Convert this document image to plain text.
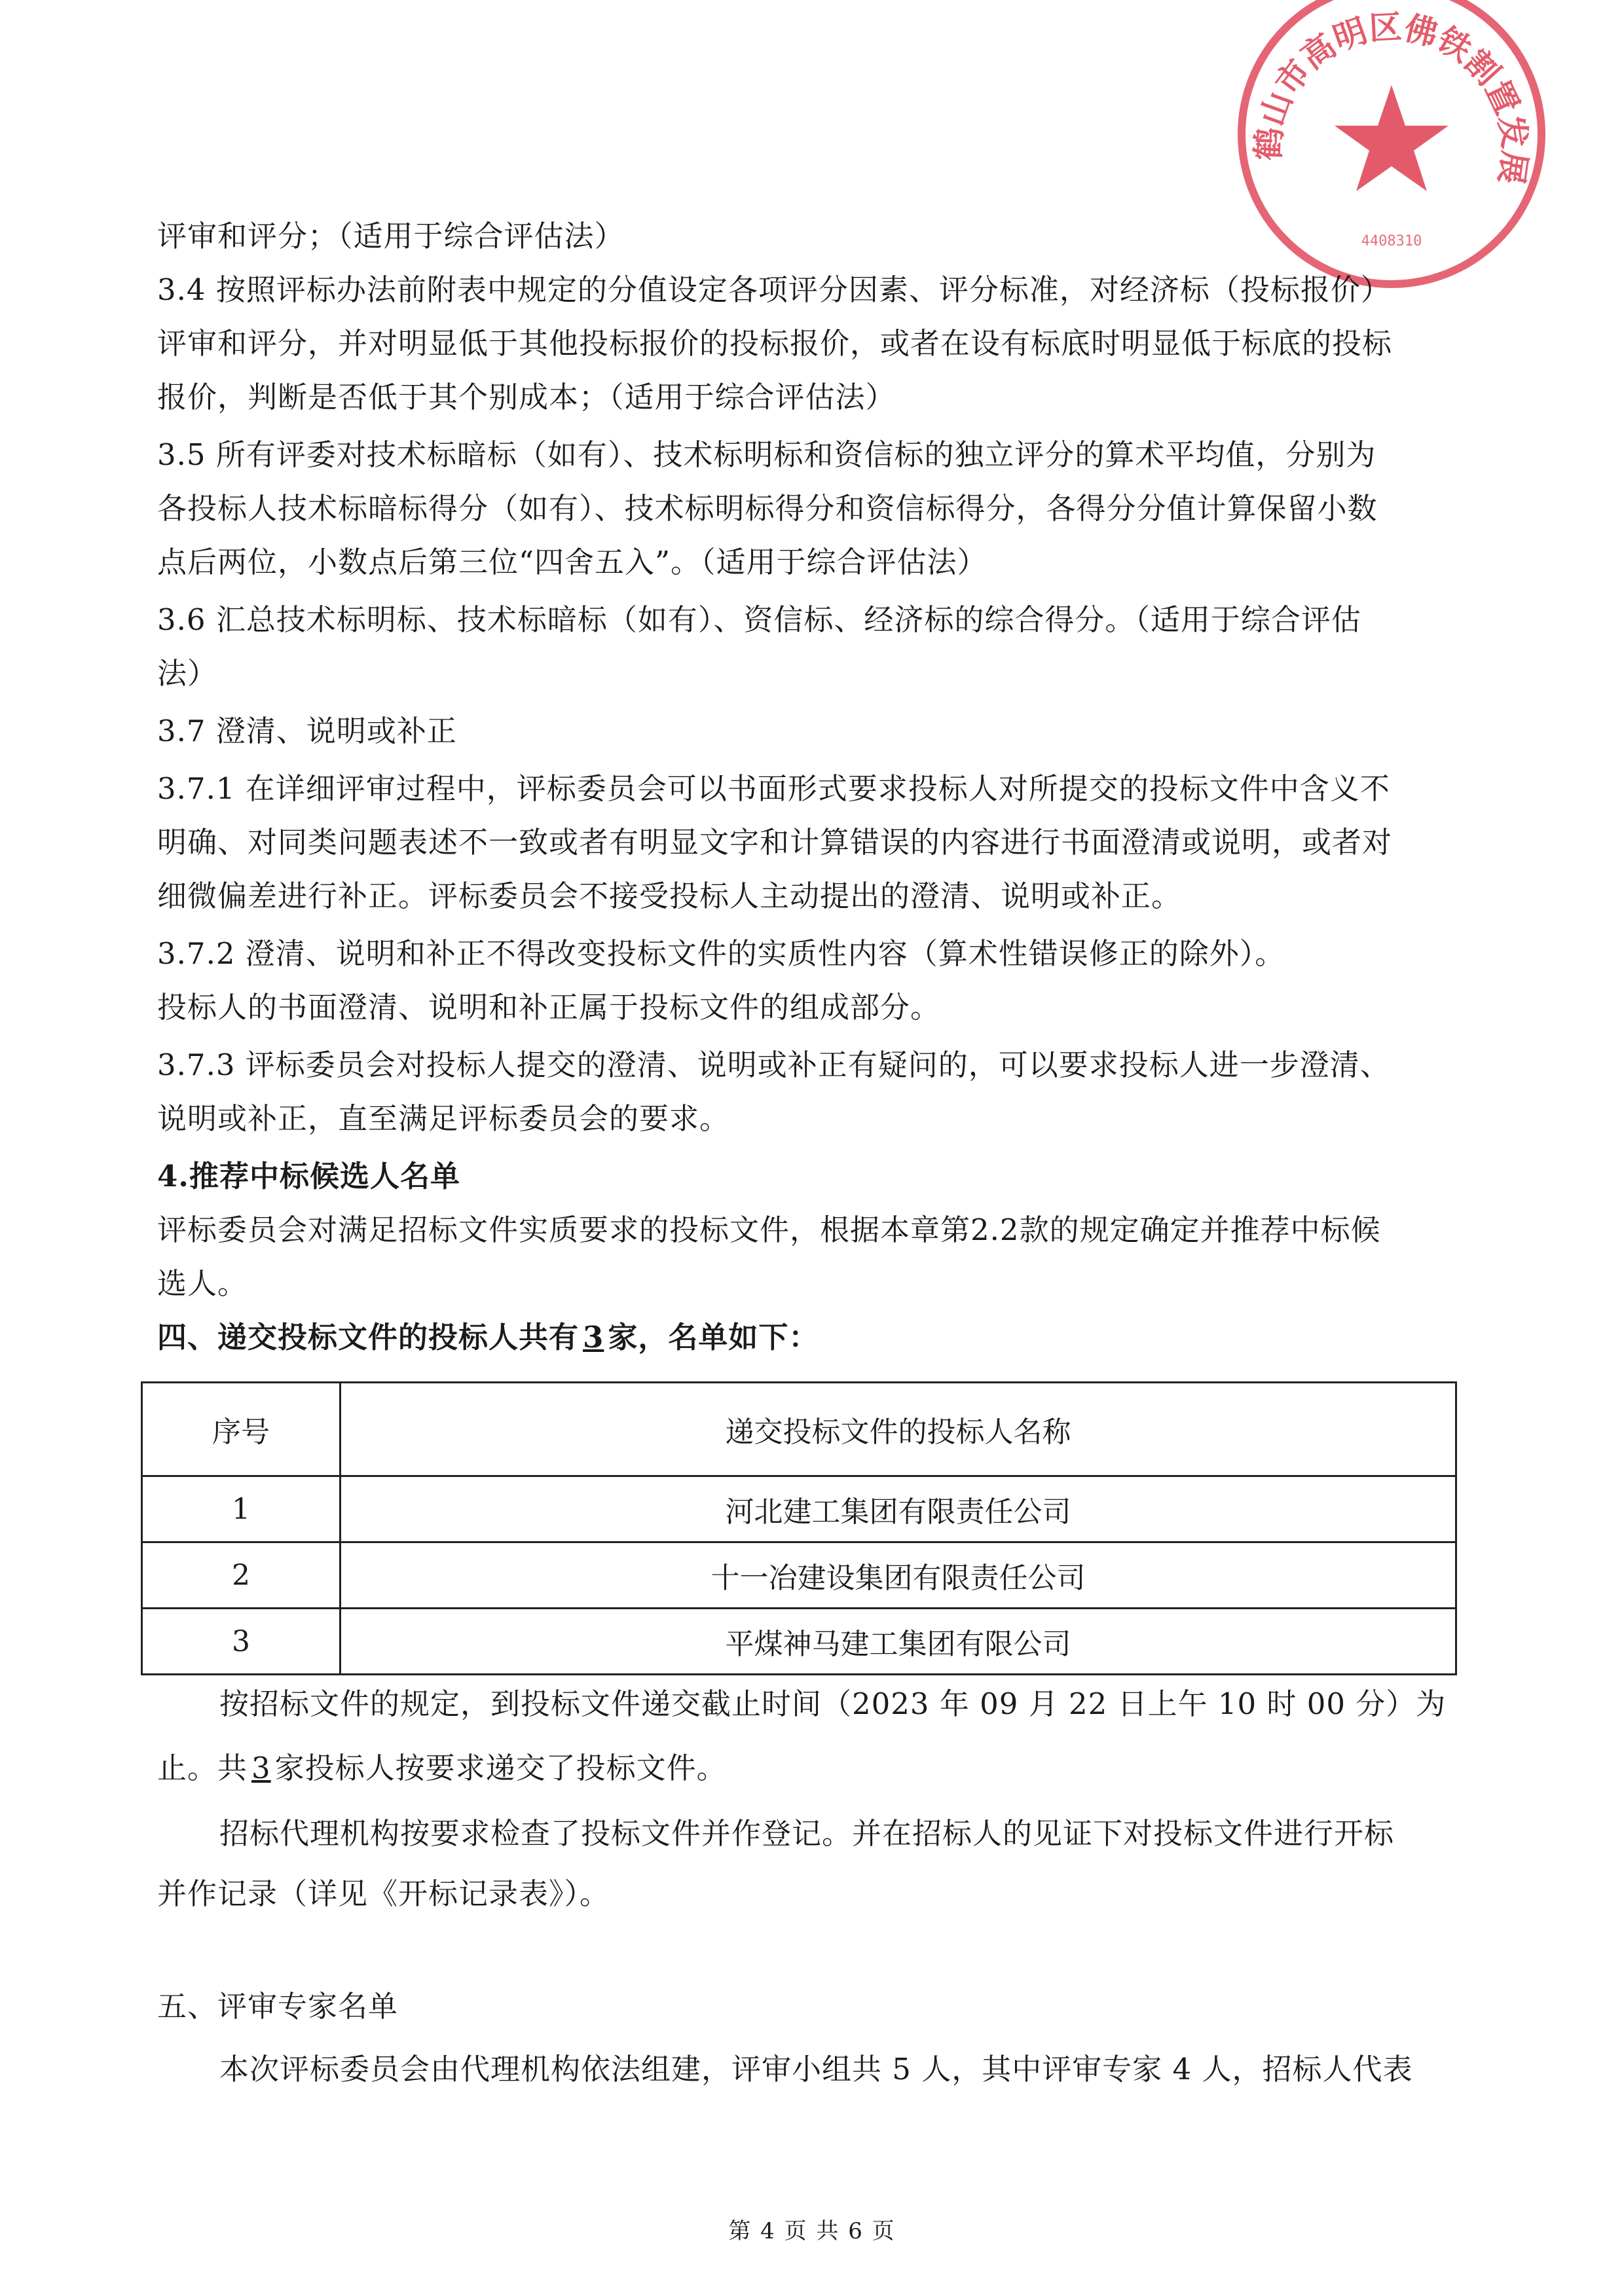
鹤山市高明区佛铁割置发展
4408310
评审和评分；（适用于综合评估法）
3.4 按照评标办法前附表中规定的分值设定各项评分因素、评分标准，对经济标（投标报价）
评审和评分，并对明显低于其他投标报价的投标报价，或者在设有标底时明显低于标底的投标
报价，判断是否低于其个别成本；（适用于综合评估法）
3.5 所有评委对技术标暗标（如有）、技术标明标和资信标的独立评分的算术平均值，分别为
各投标人技术标暗标得分（如有）、技术标明标得分和资信标得分，各得分分值计算保留小数
点后两位，小数点后第三位“四舍五入”。（适用于综合评估法）
3.6 汇总技术标明标、技术标暗标（如有）、资信标、经济标的综合得分。（适用于综合评估
法）
3.7 澄清、说明或补正
3.7.1 在详细评审过程中，评标委员会可以书面形式要求投标人对所提交的投标文件中含义不
明确、对同类问题表述不一致或者有明显文字和计算错误的内容进行书面澄清或说明，或者对
细微偏差进行补正。评标委员会不接受投标人主动提出的澄清、说明或补正。
3.7.2 澄清、说明和补正不得改变投标文件的实质性内容（算术性错误修正的除外）。
投标人的书面澄清、说明和补正属于投标文件的组成部分。
3.7.3 评标委员会对投标人提交的澄清、说明或补正有疑问的，可以要求投标人进一步澄清、
说明或补正，直至满足评标委员会的要求。
4.推荐中标候选人名单
评标委员会对满足招标文件实质要求的投标文件，根据本章第2.2款的规定确定并推荐中标候
选人。
四、递交投标文件的投标人共有 3 家，名单如下：
序号	递交投标文件的投标人名称
1	河北建工集团有限责任公司
2	十一冶建设集团有限责任公司
3	平煤神马建工集团有限公司
按招标文件的规定，到投标文件递交截止时间（2023 年 09 月 22 日上午 10 时 00 分）为
止。共 3 家投标人按要求递交了投标文件。
招标代理机构按要求检查了投标文件并作登记。并在招标人的见证下对投标文件进行开标
并作记录（详见《开标记录表》）。
五、评审专家名单
本次评标委员会由代理机构依法组建，评审小组共 5 人，其中评审专家 4 人，招标人代表
第 4 页 共 6 页
